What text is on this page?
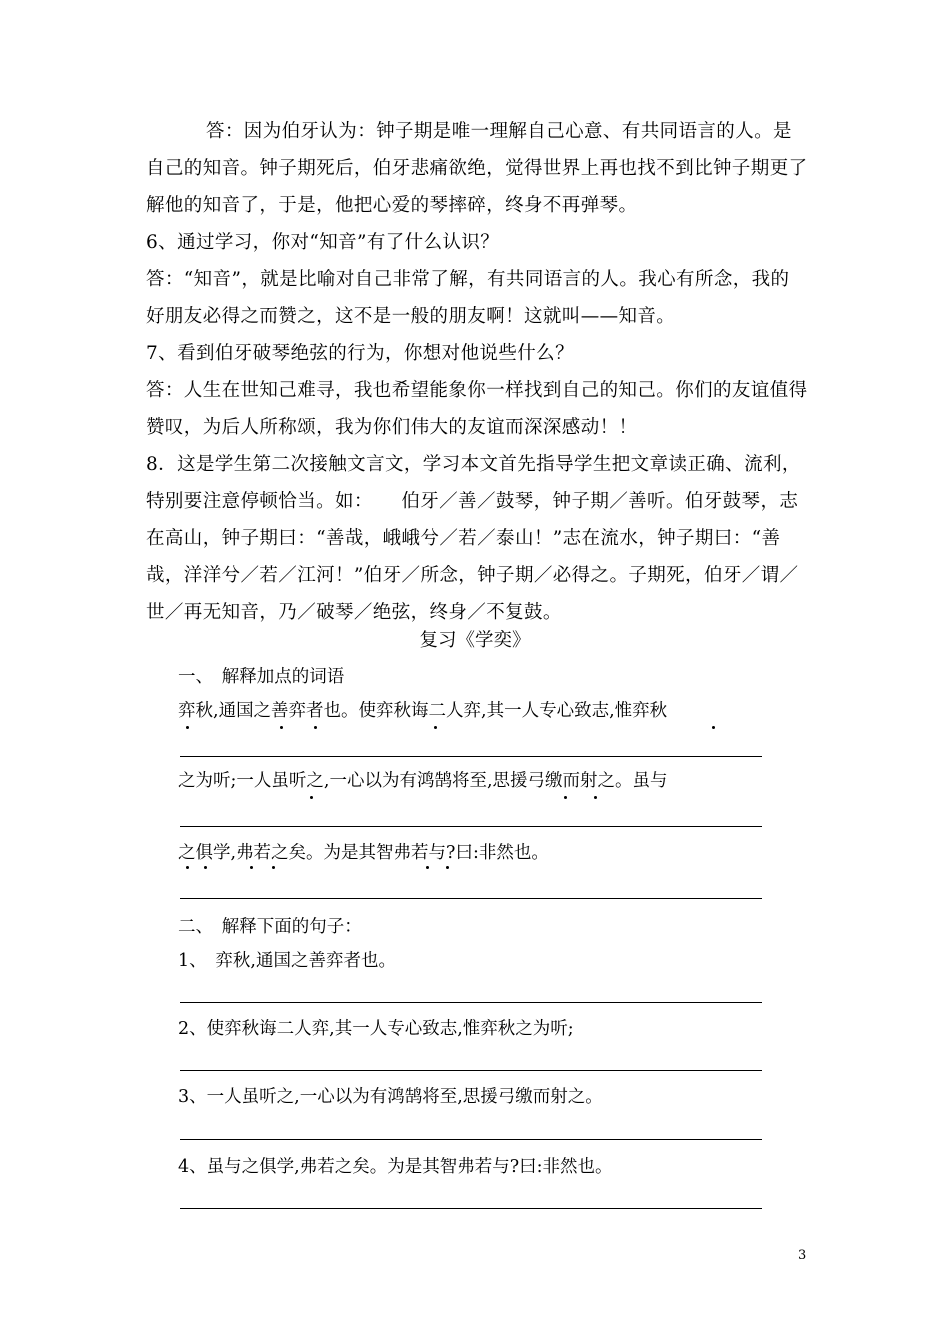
答：因为伯牙认为：钟子期是唯一理解自己心意、有共同语言的人。是自己的知音。钟子期死后，伯牙悲痛欲绝，觉得世界上再也找不到比钟子期更了解他的知音了，于是，他把心爱的琴摔碎，终身不再弹琴。
6、通过学习，你对“知音”有了什么认识？
答：“知音”，就是比喻对自己非常了解，有共同语言的人。我心有所念，我的好朋友必得之而赞之，这不是一般的朋友啊！这就叫——知音。
7、看到伯牙破琴绝弦的行为，你想对他说些什么？
答：人生在世知己难寻，我也希望能象你一样找到自己的知己。你们的友谊值得赞叹，为后人所称颂，我为你们伟大的友谊而深深感动！！
8．这是学生第二次接触文言文，学习本文首先指导学生把文章读正确、流利，特别要注意停顿恰当。如：　　伯牙／善／鼓琴，钟子期／善听。伯牙鼓琴，志在高山，钟子期曰：“善哉，峨峨兮／若／泰山！”志在流水，钟子期曰：“善哉，洋洋兮／若／江河！”伯牙／所念，钟子期／必得之。子期死，伯牙／谓／世／再无知音，乃／破琴／绝弦，终身／不复鼓。
复习《学奕》
一、　解释加点的词语
弈秋,通国之善弈者也。使弈秋诲二人弈,其一人专心致志,惟弈秋
之为听;一人虽听之,一心以为有鸿鹄将至,思援弓缴而射之。虽与
之俱学,弗若之矣。为是其智弗若与?曰:非然也。
二、　解释下面的句子：
1、　弈秋,通国之善弈者也。
2、使弈秋诲二人弈,其一人专心致志,惟弈秋之为听;
3、一人虽听之,一心以为有鸿鹄将至,思援弓缴而射之。
4、虽与之俱学,弗若之矣。为是其智弗若与?曰:非然也。
3
